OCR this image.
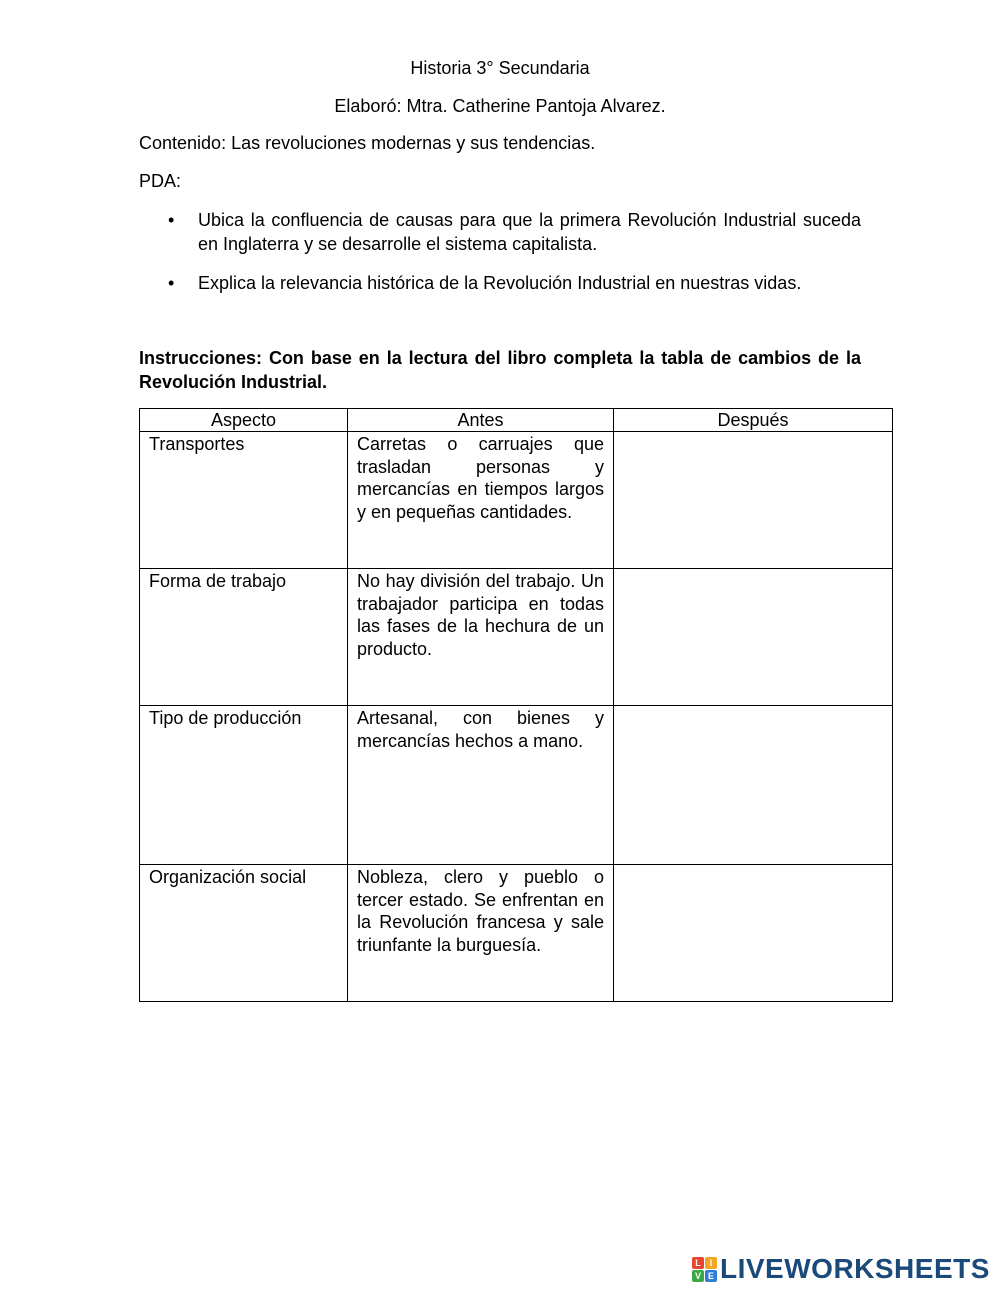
Historia 3° Secundaria
Elaboró: Mtra. Catherine Pantoja Alvarez.
Contenido: Las revoluciones modernas y sus tendencias.
PDA:
• Ubica la confluencia de causas para que la primera Revolución Industrial suceda en Inglaterra y se desarrolle el sistema capitalista.
• Explica la relevancia histórica de la Revolución Industrial en nuestras vidas.
Instrucciones: Con base en la lectura del libro completa la tabla de cambios de la Revolución Industrial.
Aspecto	Antes	Después
Transportes	Carretas o carruajes que trasladan personas y mercancías en tiempos largos y en pequeñas cantidades.	
Forma de trabajo	No hay división del trabajo. Un trabajador participa en todas las fases de la hechura de un producto.	
Tipo de producción	Artesanal, con bienes y mercancías hechos a mano.	
Organización social	Nobleza, clero y pueblo o tercer estado. Se enfrentan en la Revolución francesa y sale triunfante la burguesía.	
L I
V E LIVEWORKSHEETS
